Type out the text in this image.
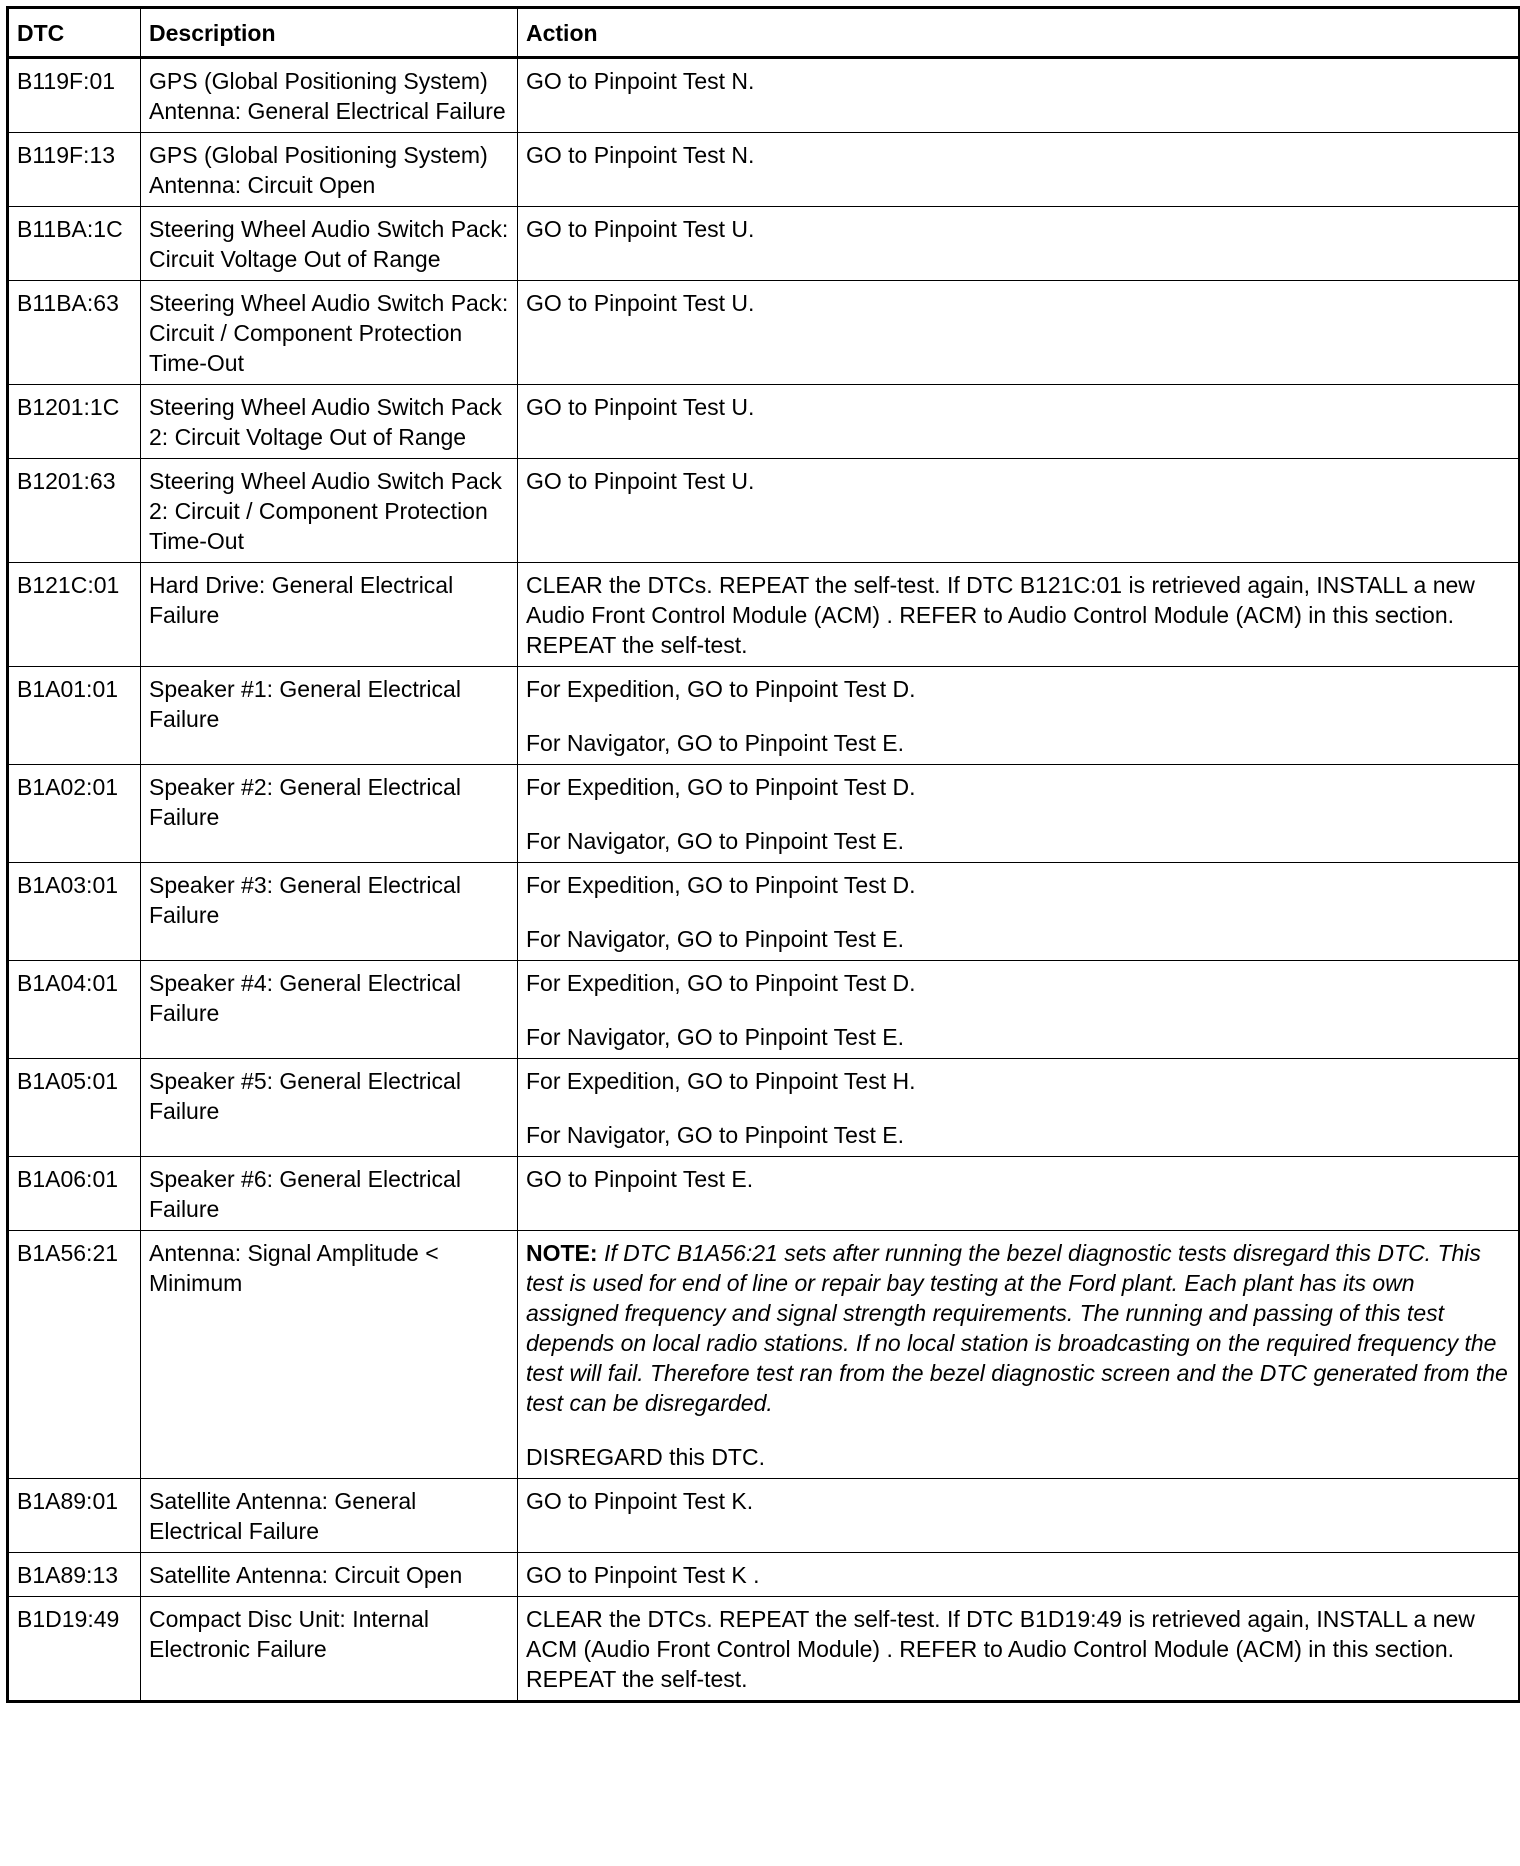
DTC	Description	Action
B119F:01	GPS (Global Positioning System) Antenna: General Electrical Failure	GO to Pinpoint Test N.

B119F:13	GPS (Global Positioning System) Antenna: Circuit Open	GO to Pinpoint Test N.

B11BA:1C	Steering Wheel Audio Switch Pack: Circuit Voltage Out of Range	GO to Pinpoint Test U.

B11BA:63	Steering Wheel Audio Switch Pack: Circuit / Component Protection Time-Out	GO to Pinpoint Test U.

B1201:1C	Steering Wheel Audio Switch Pack 2: Circuit Voltage Out of Range	GO to Pinpoint Test U.

B1201:63	Steering Wheel Audio Switch Pack 2: Circuit / Component Protection Time-Out	GO to Pinpoint Test U.

B121C:01	Hard Drive: General Electrical Failure	CLEAR the DTCs. REPEAT the self-test. If DTC B121C:01 is retrieved again, INSTALL a new Audio Front Control Module (ACM) . REFER to Audio Control Module (ACM) in this section. REPEAT the self-test.

B1A01:01	Speaker #1: General Electrical Failure	For Expedition, GO to Pinpoint Test D.

For Navigator, GO to Pinpoint Test E.

B1A02:01	Speaker #2: General Electrical Failure	For Expedition, GO to Pinpoint Test D.

For Navigator, GO to Pinpoint Test E.

B1A03:01	Speaker #3: General Electrical Failure	For Expedition, GO to Pinpoint Test D.

For Navigator, GO to Pinpoint Test E.

B1A04:01	Speaker #4: General Electrical Failure	For Expedition, GO to Pinpoint Test D.

For Navigator, GO to Pinpoint Test E.

B1A05:01	Speaker #5: General Electrical Failure	For Expedition, GO to Pinpoint Test H.

For Navigator, GO to Pinpoint Test E.

B1A06:01	Speaker #6: General Electrical Failure	GO to Pinpoint Test E.

B1A56:21	Antenna: Signal Amplitude < Minimum	NOTE: If DTC B1A56:21 sets after running the bezel diagnostic tests disregard this DTC. This test is used for end of line or repair bay testing at the Ford plant. Each plant has its own assigned frequency and signal strength requirements. The running and passing of this test depends on local radio stations. If no local station is broadcasting on the required frequency the test will fail. Therefore test ran from the bezel diagnostic screen and the DTC generated from the test can be disregarded.

DISREGARD this DTC.

B1A89:01	Satellite Antenna: General Electrical Failure	GO to Pinpoint Test K.

B1A89:13	Satellite Antenna: Circuit Open	GO to Pinpoint Test K .

B1D19:49	Compact Disc Unit: Internal Electronic Failure	CLEAR the DTCs. REPEAT the self-test. If DTC B1D19:49 is retrieved again, INSTALL a new ACM (Audio Front Control Module) . REFER to Audio Control Module (ACM) in this section. REPEAT the self-test.
